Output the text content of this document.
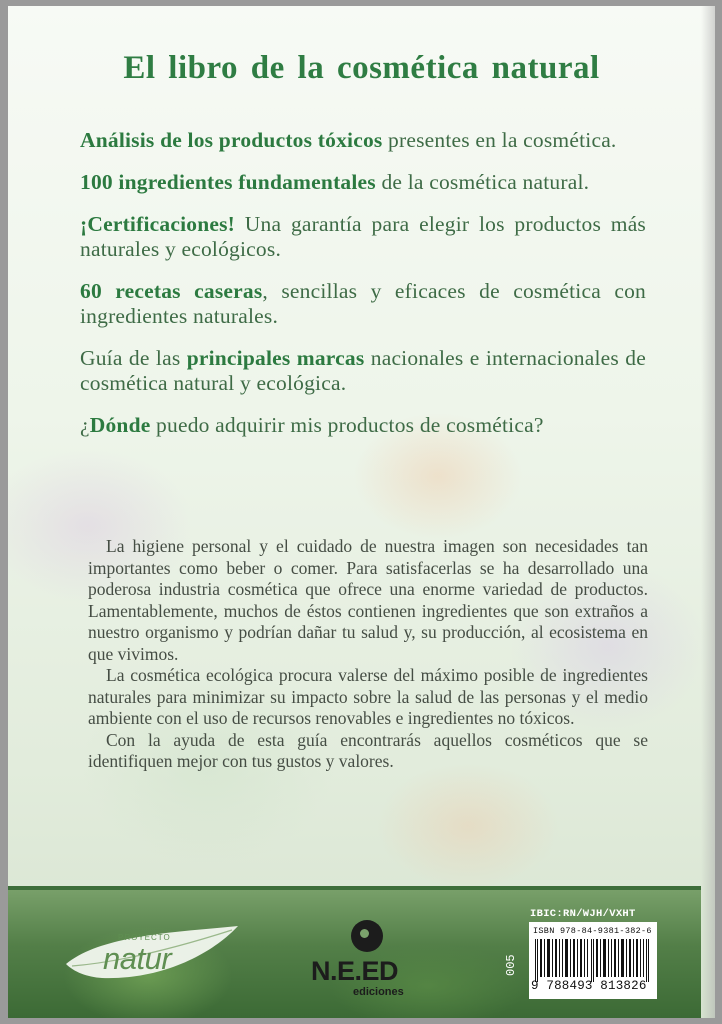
El libro de la cosmética natural
Análisis de los productos tóxicos presentes en la cosmética.
100 ingredientes fundamentales de la cosmética natural.
¡Certificaciones! Una garantía para elegir los productos más naturales y ecológicos.
60 recetas caseras, sencillas y eficaces de cosmética con ingredientes naturales.
Guía de las principales marcas nacionales e internacionales de cosmética natural y ecológica.
¿Dónde puedo adquirir mis productos de cosmética?

La higiene personal y el cuidado de nuestra imagen son necesidades tan importantes como beber o comer. Para satisfacerlas se ha desarrollado una poderosa industria cosmética que ofrece una enorme variedad de productos. Lamentablemente, muchos de éstos contienen ingredientes que son extraños a nuestro organismo y podrían dañar tu salud y, su producción, al ecosistema en que vivimos.

La cosmética ecológica procura valerse del máximo posible de ingredientes naturales para minimizar su impacto sobre la salud de las personas y el medio ambiente con el uso de recursos renovables e ingredientes no tóxicos.

Con la ayuda de esta guía encontrarás aquellos cosméticos que se identifiquen mejor con tus gustos y valores.

PROYECTO
natur	N.E.ED
ediciones
005
IBIC:RN/WJH/VXHT
ISBN 978-84-9381-382-6
9 788493 813826
